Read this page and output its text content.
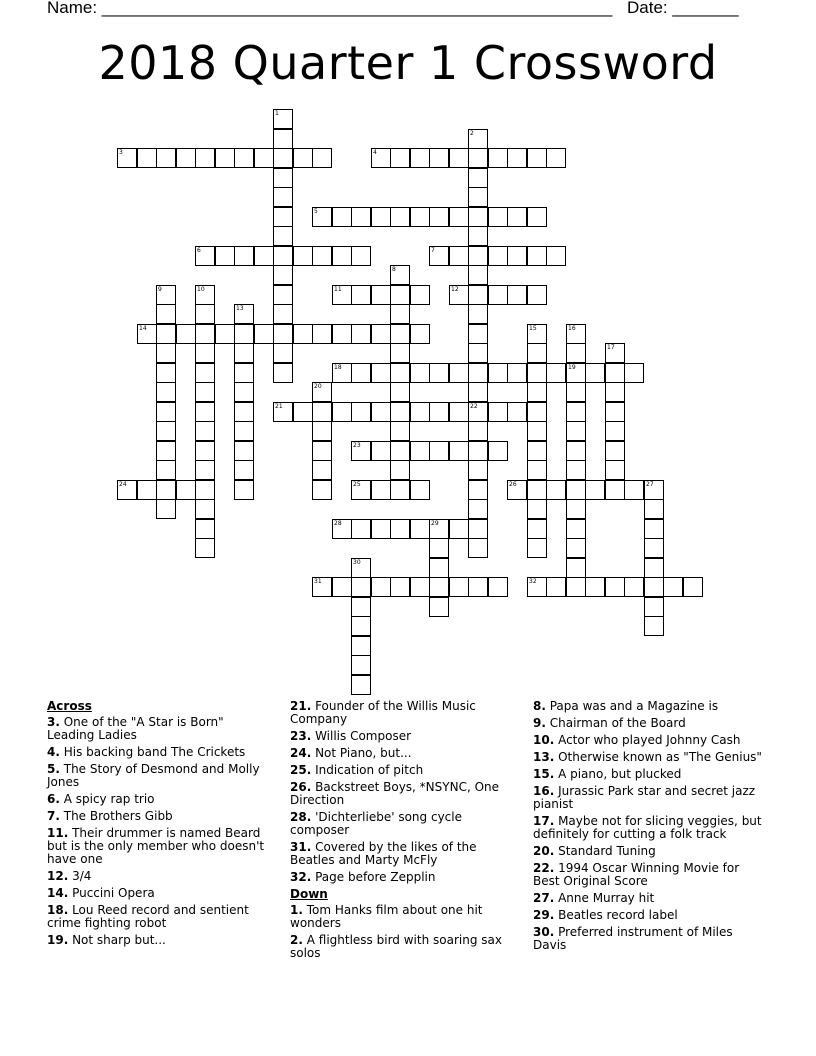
Name: ______________________________________________________ Date: _______
2018 Quarter 1 Crossword
3	4
5
6	7
11	12
14
18	19
21	22
23
24	25	26	27
28	29
31	32
1
2
8
9	10
13
15	16
17
20
30
Across
3. One of the "A Star is Born" Leading Ladies
4. His backing band The Crickets
5. The Story of Desmond and Molly Jones
6. A spicy rap trio
7. The Brothers Gibb
11. Their drummer is named Beard but is the only member who doesn't have one
12. 3/4
14. Puccini Opera
18. Lou Reed record and sentient crime fighting robot
19. Not sharp but...
21. Founder of the Willis Music Company
23. Willis Composer
24. Not Piano, but...
25. Indication of pitch
26. Backstreet Boys, *NSYNC, One Direction
28. 'Dichterliebe' song cycle composer
31. Covered by the likes of the Beatles and Marty McFly
32. Page before Zepplin
Down
1. Tom Hanks film about one hit wonders
2. A flightless bird with soaring sax solos
8. Papa was and a Magazine is
9. Chairman of the Board
10. Actor who played Johnny Cash
13. Otherwise known as "The Genius"
15. A piano, but plucked
16. Jurassic Park star and secret jazz pianist
17. Maybe not for slicing veggies, but definitely for cutting a folk track
20. Standard Tuning
22. 1994 Oscar Winning Movie for Best Original Score
27. Anne Murray hit
29. Beatles record label
30. Preferred instrument of Miles Davis
